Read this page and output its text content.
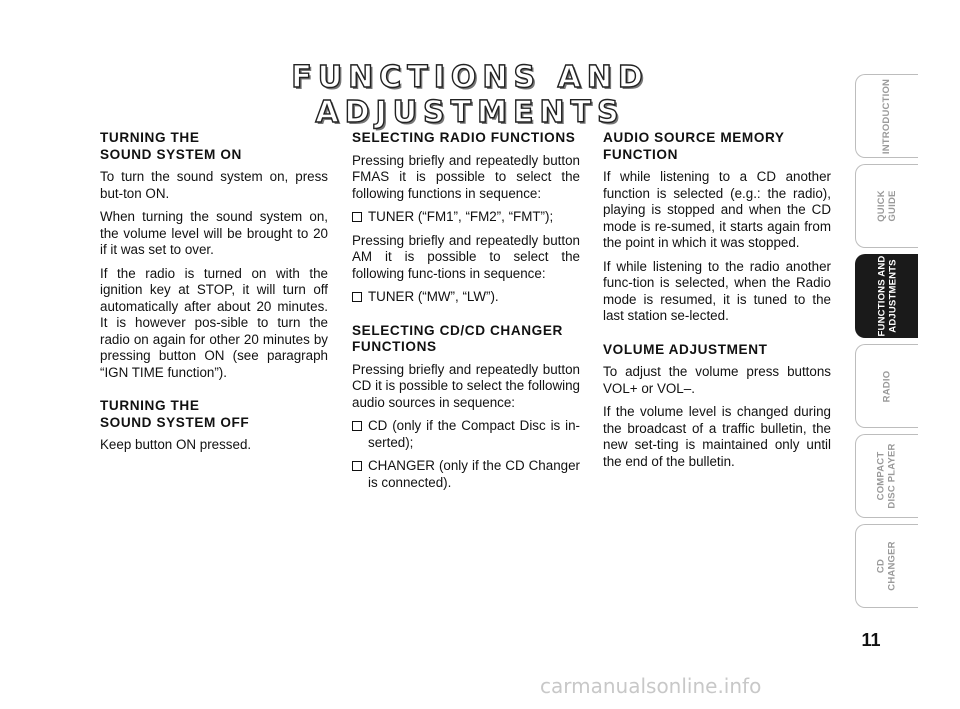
FUNCTIONS AND ADJUSTMENTS
TURNING THE
SOUND SYSTEM ON

To turn the sound system on, press but-ton ON.

When turning the sound system on, the volume level will be brought to 20 if it was set to over.

If the radio is turned on with the ignition key at STOP, it will turn off automatically after about 20 minutes. It is however pos-sible to turn the radio on again for other 20 minutes by pressing button ON (see paragraph “IGN TIME function”).

TURNING THE
SOUND SYSTEM OFF

Keep button ON pressed.

SELECTING RADIO FUNCTIONS

Pressing briefly and repeatedly button FMAS it is possible to select the following functions in sequence:

TUNER (“FM1”, “FM2”, “FMT”);

Pressing briefly and repeatedly button AM it is possible to select the following func-tions in sequence:

TUNER (“MW”, “LW”).
SELECTING CD/CD CHANGER FUNCTIONS

Pressing briefly and repeatedly button CD it is possible to select the following audio sources in sequence:

CD (only if the Compact Disc is in-serted);
CHANGER (only if the CD Changer is connected).
AUDIO SOURCE MEMORY FUNCTION

If while listening to a CD another function is selected (e.g.: the radio), playing is stopped and when the CD mode is re-sumed, it starts again from the point in which it was stopped.

If while listening to the radio another func-tion is selected, when the Radio mode is resumed, it is tuned to the last station se-lected.

VOLUME ADJUSTMENT

To adjust the volume press buttons VOL+ or VOL–.

If the volume level is changed during the broadcast of a traffic bulletin, the new set-ting is maintained only until the end of the bulletin.

INTRODUCTION
QUICK
GUIDE
FUNCTIONS AND
ADJUSTMENTS
RADIO
COMPACT
DISC PLAYER
CD
CHANGER
11
carmanualsonline.info
